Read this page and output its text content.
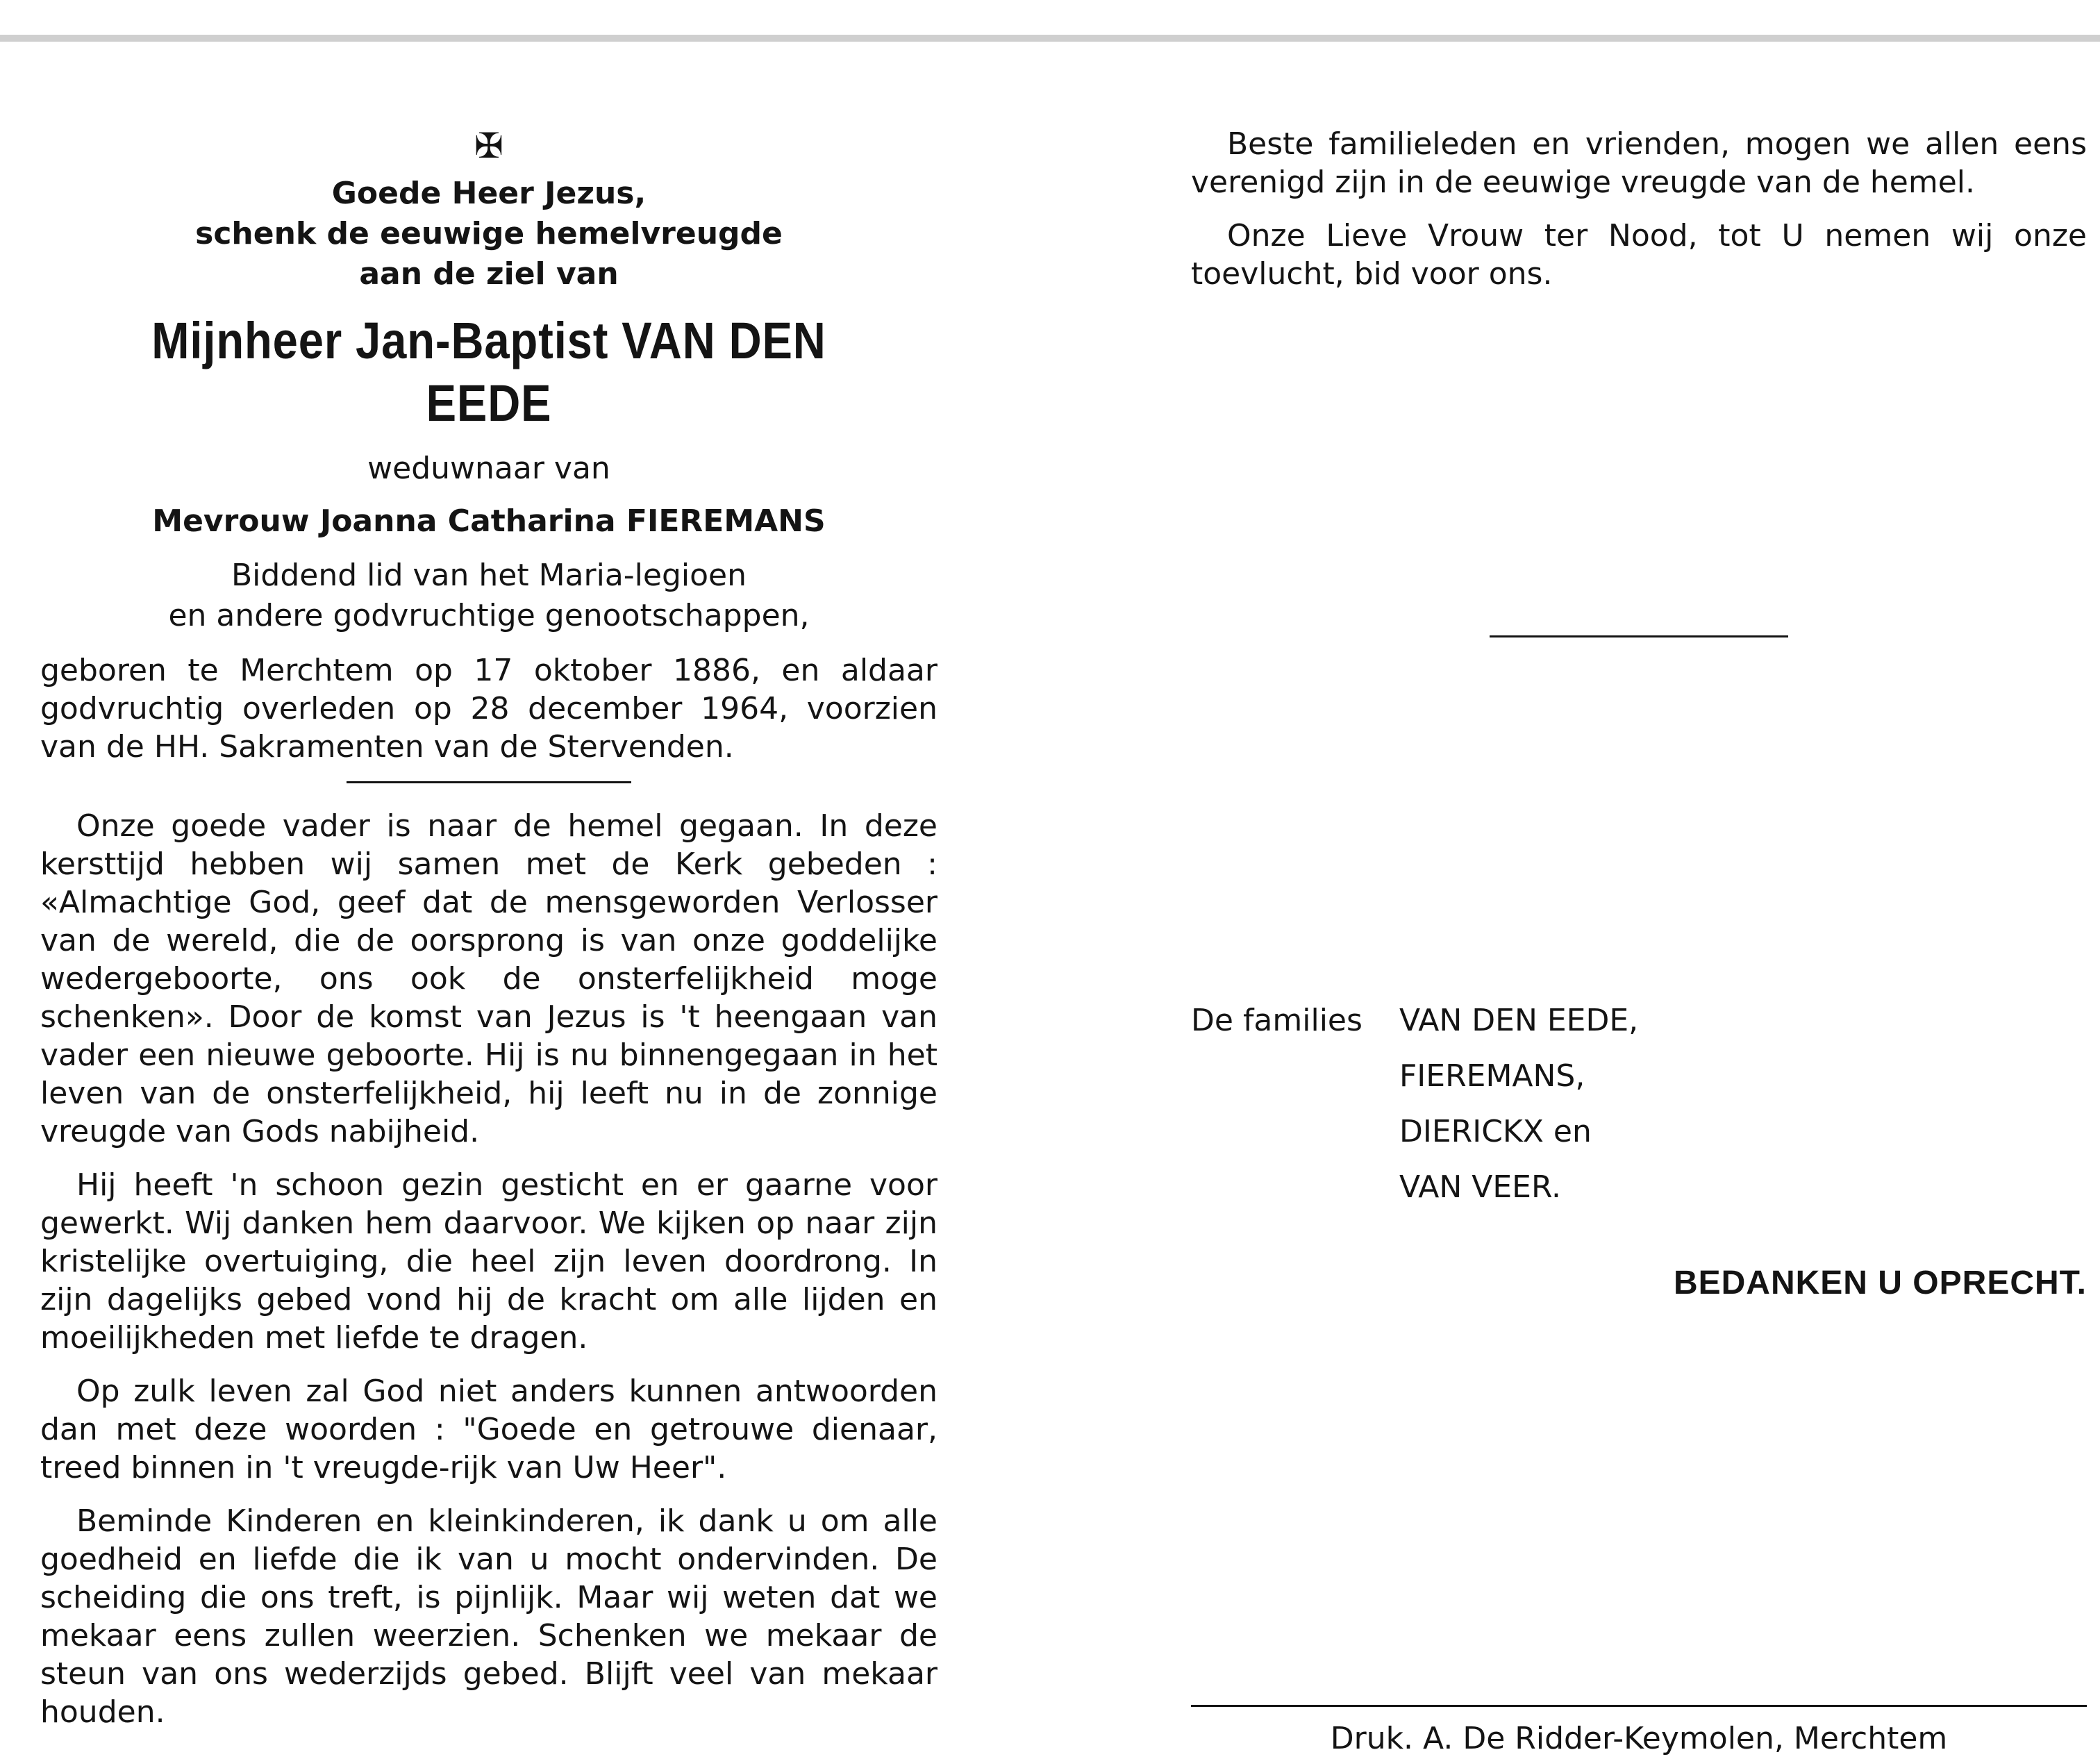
✠

Goede Heer Jezus,

schenk de eeuwige hemelvreugde

aan de ziel van

Mijnheer Jan-Baptist VAN DEN EEDE

weduwnaar van

Mevrouw Joanna Catharina FIEREMANS

Biddend lid van het Maria-legioen
en andere godvruchtige genootschappen,

geboren te Merchtem op 17 oktober 1886, en aldaar godvruchtig overleden op 28 december 1964, voorzien van de HH. Sakramenten van de Stervenden.

Onze goede vader is naar de hemel gegaan. In deze kersttijd hebben wij samen met de Kerk gebeden : «Almachtige God, geef dat de mensgeworden Verlosser van de wereld, die de oorsprong is van onze goddelijke wedergeboorte, ons ook de onsterfelijkheid moge schenken». Door de komst van Jezus is 't heengaan van vader een nieuwe geboorte. Hij is nu binnengegaan in het leven van de onsterfelijkheid, hij leeft nu in de zonnige vreugde van Gods nabijheid.

Hij heeft 'n schoon gezin gesticht en er gaarne voor gewerkt. Wij danken hem daarvoor. We kijken op naar zijn kristelijke overtuiging, die heel zijn leven doordrong. In zijn dagelijks gebed vond hij de kracht om alle lijden en moeilijkheden met liefde te dragen.

Op zulk leven zal God niet anders kunnen antwoorden dan met deze woorden : "Goede en getrouwe dienaar, treed binnen in 't vreugde-rijk van Uw Heer".

Beminde Kinderen en kleinkinderen, ik dank u om alle goedheid en liefde die ik van u mocht ondervinden. De scheiding die ons treft, is pijnlijk. Maar wij weten dat we mekaar eens zullen weerzien. Schenken we mekaar de steun van ons wederzijds gebed. Blijft veel van mekaar houden.

Beste familieleden en vrienden, mogen we allen eens verenigd zijn in de eeuwige vreugde van de hemel.

Onze Lieve Vrouw ter Nood, tot U nemen wij onze toevlucht, bid voor ons.

De families VAN DEN EEDE,
FIEREMANS,
DIERICKX en
VAN VEER.
BEDANKEN U OPRECHT.
Druk. A. De Ridder-Keymolen, Merchtem
